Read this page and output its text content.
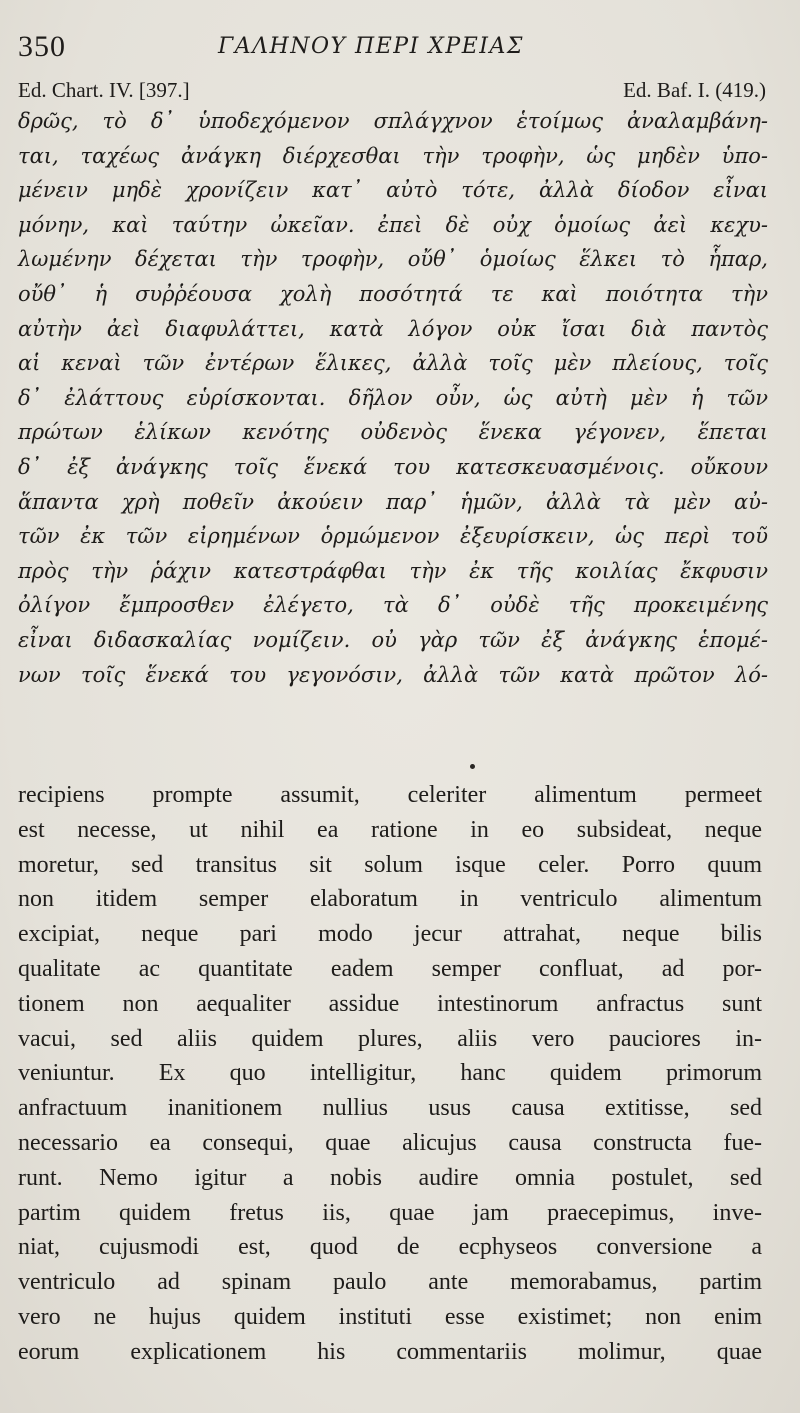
350	ΓΑΛΗΝΟΥ ΠΕΡΙ ΧΡΕΙΑΣ
Ed. Chart. IV. [397.]	Ed. Baf. I. (419.)
δρῶς, τὸ δ᾿ ὑποδεχόμενον σπλάγχνον ἑτοίμως ἀναλαμβάνη-
ται, ταχέως ἀνάγκη διέρχεσθαι τὴν τροφὴν, ὡς μηδὲν ὑπο-
μένειν μηδὲ χρονίζειν κατ᾿ αὐτὸ τότε, ἀλλὰ δίοδον εἶναι
μόνην, καὶ ταύτην ὠκεῖαν. ἐπεὶ δὲ οὐχ ὁμοίως ἀεὶ κεχυ-
λωμένην δέχεται τὴν τροφὴν, οὔθ᾿ ὁμοίως ἕλκει τὸ ἧπαρ,
οὔθ᾿ ἡ συῤῥέουσα χολὴ ποσότητά τε καὶ ποιότητα τὴν
αὐτὴν ἀεὶ διαφυλάττει, κατὰ λόγον οὐκ ἴσαι διὰ παντὸς
αἱ κεναὶ τῶν ἐντέρων ἕλικες, ἀλλὰ τοῖς μὲν πλείους, τοῖς
δ᾿ ἐλάττους εὑρίσκονται. δῆλον οὖν, ὡς αὐτὴ μὲν ἡ τῶν
πρώτων ἑλίκων κενότης οὐδενὸς ἕνεκα γέγονεν, ἕπεται
δ᾿ ἐξ ἀνάγκης τοῖς ἕνεκά του κατεσκευασμένοις. οὔκουν
ἅπαντα χρὴ ποθεῖν ἀκούειν παρ᾿ ἡμῶν, ἀλλὰ τὰ μὲν αὐ-
τῶν ἐκ τῶν εἰρημένων ὁρμώμενον ἐξευρίσκειν, ὡς περὶ τοῦ
πρὸς τὴν ῥάχιν κατεστράφθαι τὴν ἐκ τῆς κοιλίας ἔκφυσιν
ὀλίγον ἔμπροσθεν ἐλέγετο, τὰ δ᾿ οὐδὲ τῆς προκειμένης
εἶναι διδασκαλίας νομίζειν. οὐ γὰρ τῶν ἐξ ἀνάγκης ἑπομέ-
νων τοῖς ἕνεκά του γεγονόσιν, ἀλλὰ τῶν κατὰ πρῶτον λό-
recipiens prompte assumit, celeriter alimentum permeet
est necesse, ut nihil ea ratione in eo subsideat, neque
moretur, sed transitus sit solum isque celer. Porro quum
non itidem semper elaboratum in ventriculo alimentum
excipiat, neque pari modo jecur attrahat, neque bilis
qualitate ac quantitate eadem semper confluat, ad por-
tionem non aequaliter assidue intestinorum anfractus sunt
vacui, sed aliis quidem plures, aliis vero pauciores in-
veniuntur. Ex quo intelligitur, hanc quidem primorum
anfractuum inanitionem nullius usus causa extitisse, sed
necessario ea consequi, quae alicujus causa constructa fue-
runt. Nemo igitur a nobis audire omnia postulet, sed
partim quidem fretus iis, quae jam praecepimus, inve-
niat, cujusmodi est, quod de ecphyseos conversione a
ventriculo ad spinam paulo ante memorabamus, partim
vero ne hujus quidem instituti esse existimet; non enim
eorum explicationem his commentariis molimur, quae
